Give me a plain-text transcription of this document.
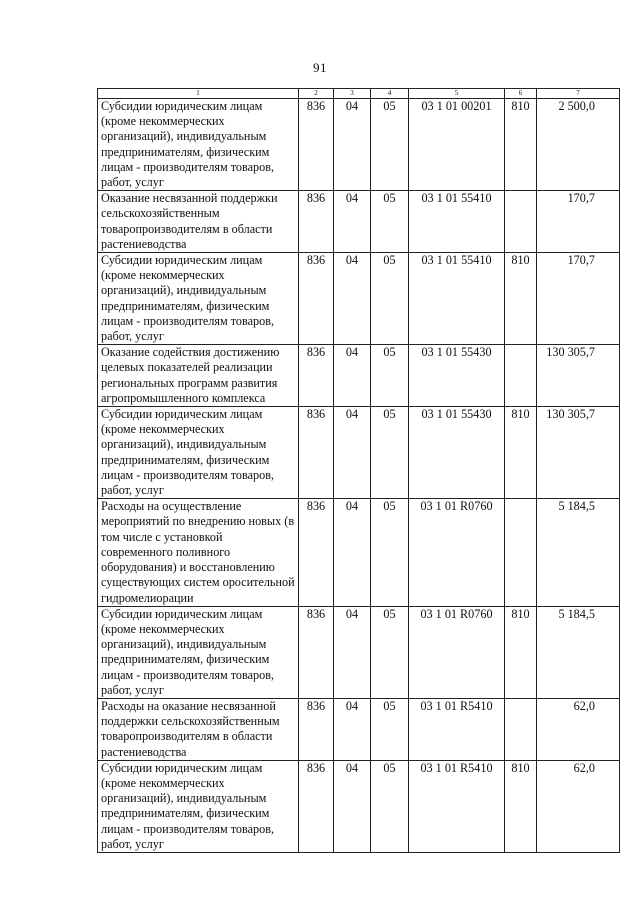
91
1	2	3	4	5	6	7
Субсидии юридическим лицам (кроме некоммерческих организаций), индивидуальным предпринимателям, физическим лицам - производителям товаров, работ, услуг	836	04	05	03 1 01 00201	810	2 500,0
Оказание несвязанной поддержки сельскохозяйственным товаропроизводителям в области растениеводства	836	04	05	03 1 01 55410		170,7
Субсидии юридическим лицам (кроме некоммерческих организаций), индивидуальным предпринимателям, физическим лицам - производителям товаров, работ, услуг	836	04	05	03 1 01 55410	810	170,7
Оказание содействия достижению целевых показателей реализации региональных программ развития агропромышленного комплекса	836	04	05	03 1 01 55430		130 305,7
Субсидии юридическим лицам (кроме некоммерческих организаций), индивидуальным предпринимателям, физическим лицам - производителям товаров, работ, услуг	836	04	05	03 1 01 55430	810	130 305,7
Расходы на осуществление мероприятий по внедрению новых (в том числе с установкой современного поливного оборудования) и восстановлению существующих систем оросительной гидромелиорации	836	04	05	03 1 01 R0760		5 184,5
Субсидии юридическим лицам (кроме некоммерческих организаций), индивидуальным предпринимателям, физическим лицам - производителям товаров, работ, услуг	836	04	05	03 1 01 R0760	810	5 184,5
Расходы на оказание несвязанной поддержки сельскохозяйственным товаропроизводителям в области растениеводства	836	04	05	03 1 01 R5410		62,0
Субсидии юридическим лицам (кроме некоммерческих организаций), индивидуальным предпринимателям, физическим лицам - производителям товаров, работ, услуг	836	04	05	03 1 01 R5410	810	62,0
